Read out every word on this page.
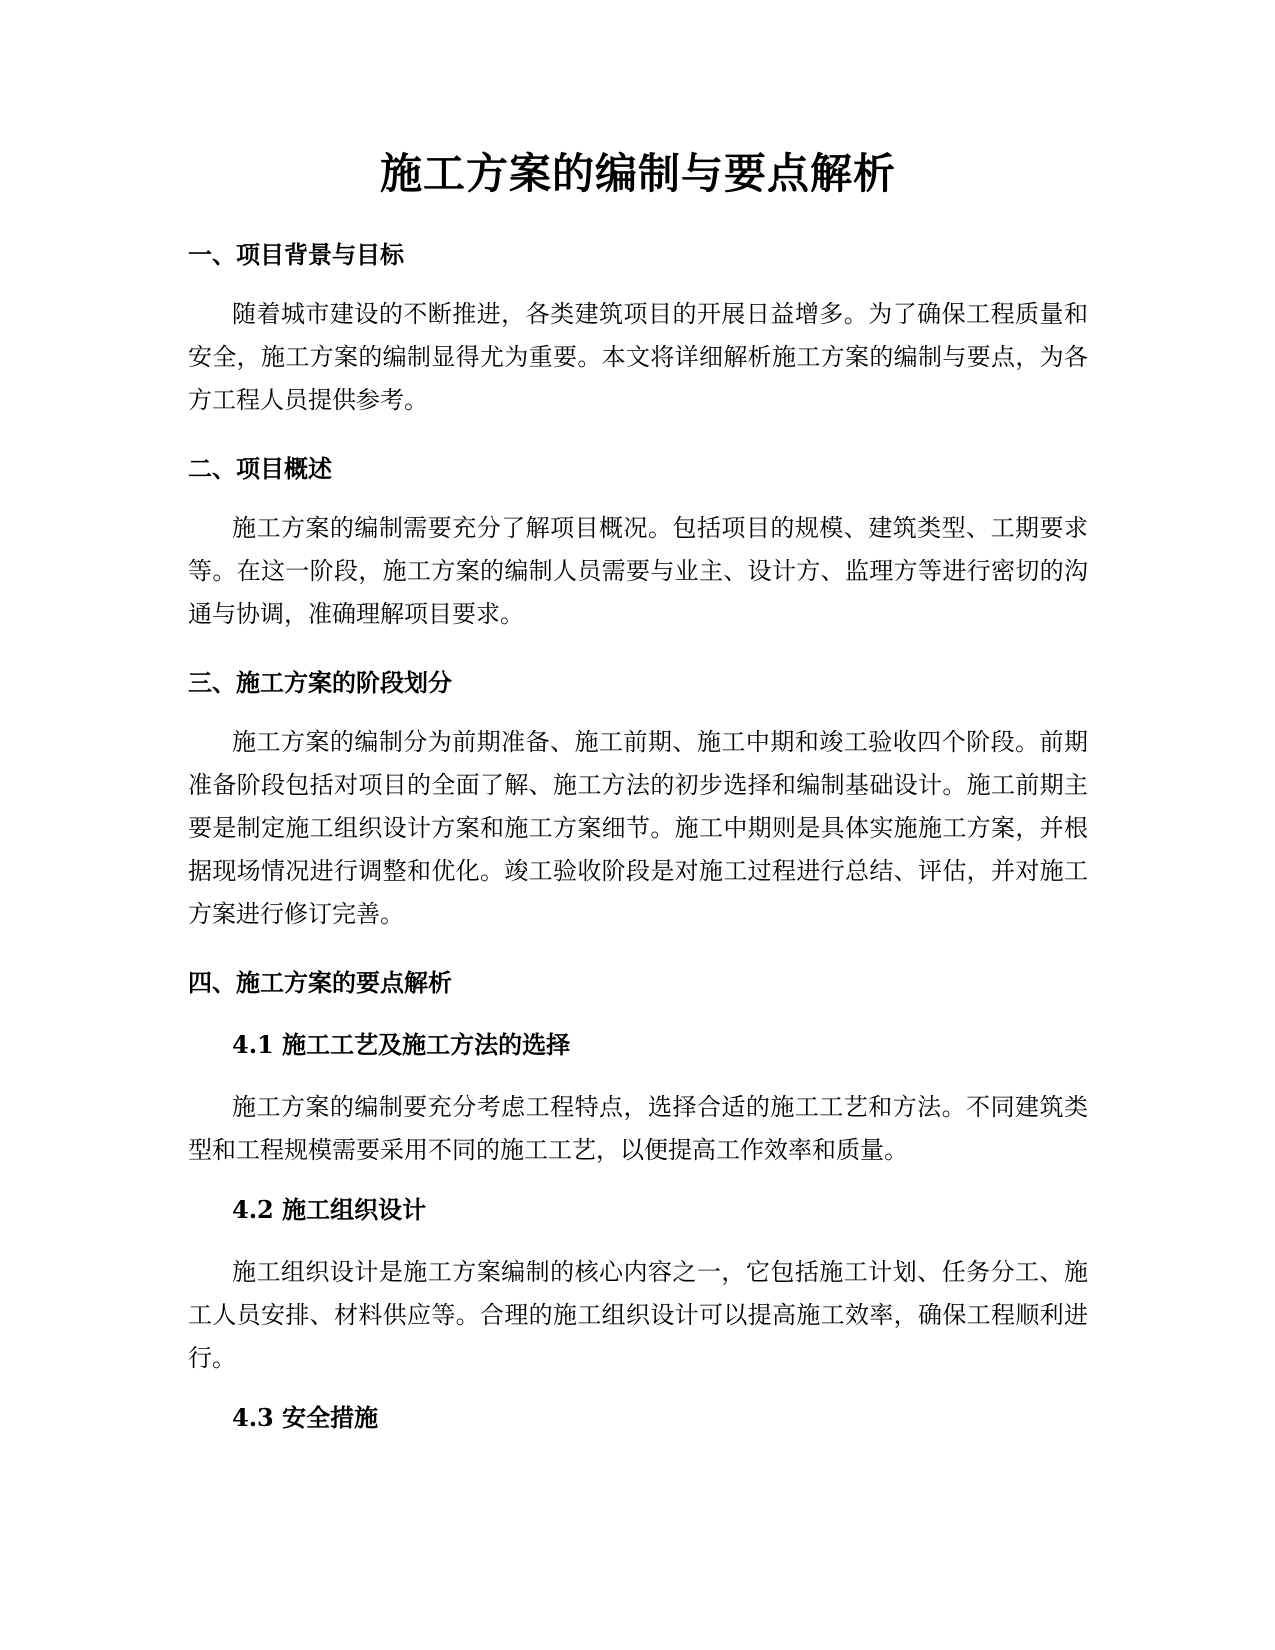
施工方案的编制与要点解析
一、项目背景与目标

随着城市建设的不断推进，各类建筑项目的开展日益增多。为了确保工程质量和安全，施工方案的编制显得尤为重要。本文将详细解析施工方案的编制与要点，为各方工程人员提供参考。

二、项目概述

施工方案的编制需要充分了解项目概况。包括项目的规模、建筑类型、工期要求等。在这一阶段，施工方案的编制人员需要与业主、设计方、监理方等进行密切的沟通与协调，准确理解项目要求。

三、施工方案的阶段划分

施工方案的编制分为前期准备、施工前期、施工中期和竣工验收四个阶段。前期准备阶段包括对项目的全面了解、施工方法的初步选择和编制基础设计。施工前期主要是制定施工组织设计方案和施工方案细节。施工中期则是具体实施施工方案，并根据现场情况进行调整和优化。竣工验收阶段是对施工过程进行总结、评估，并对施工方案进行修订完善。

四、施工方案的要点解析
4.1 施工工艺及施工方法的选择

施工方案的编制要充分考虑工程特点，选择合适的施工工艺和方法。不同建筑类型和工程规模需要采用不同的施工工艺，以便提高工作效率和质量。

4.2 施工组织设计

施工组织设计是施工方案编制的核心内容之一，它包括施工计划、任务分工、施工人员安排、材料供应等。合理的施工组织设计可以提高施工效率，确保工程顺利进行。

4.3 安全措施
